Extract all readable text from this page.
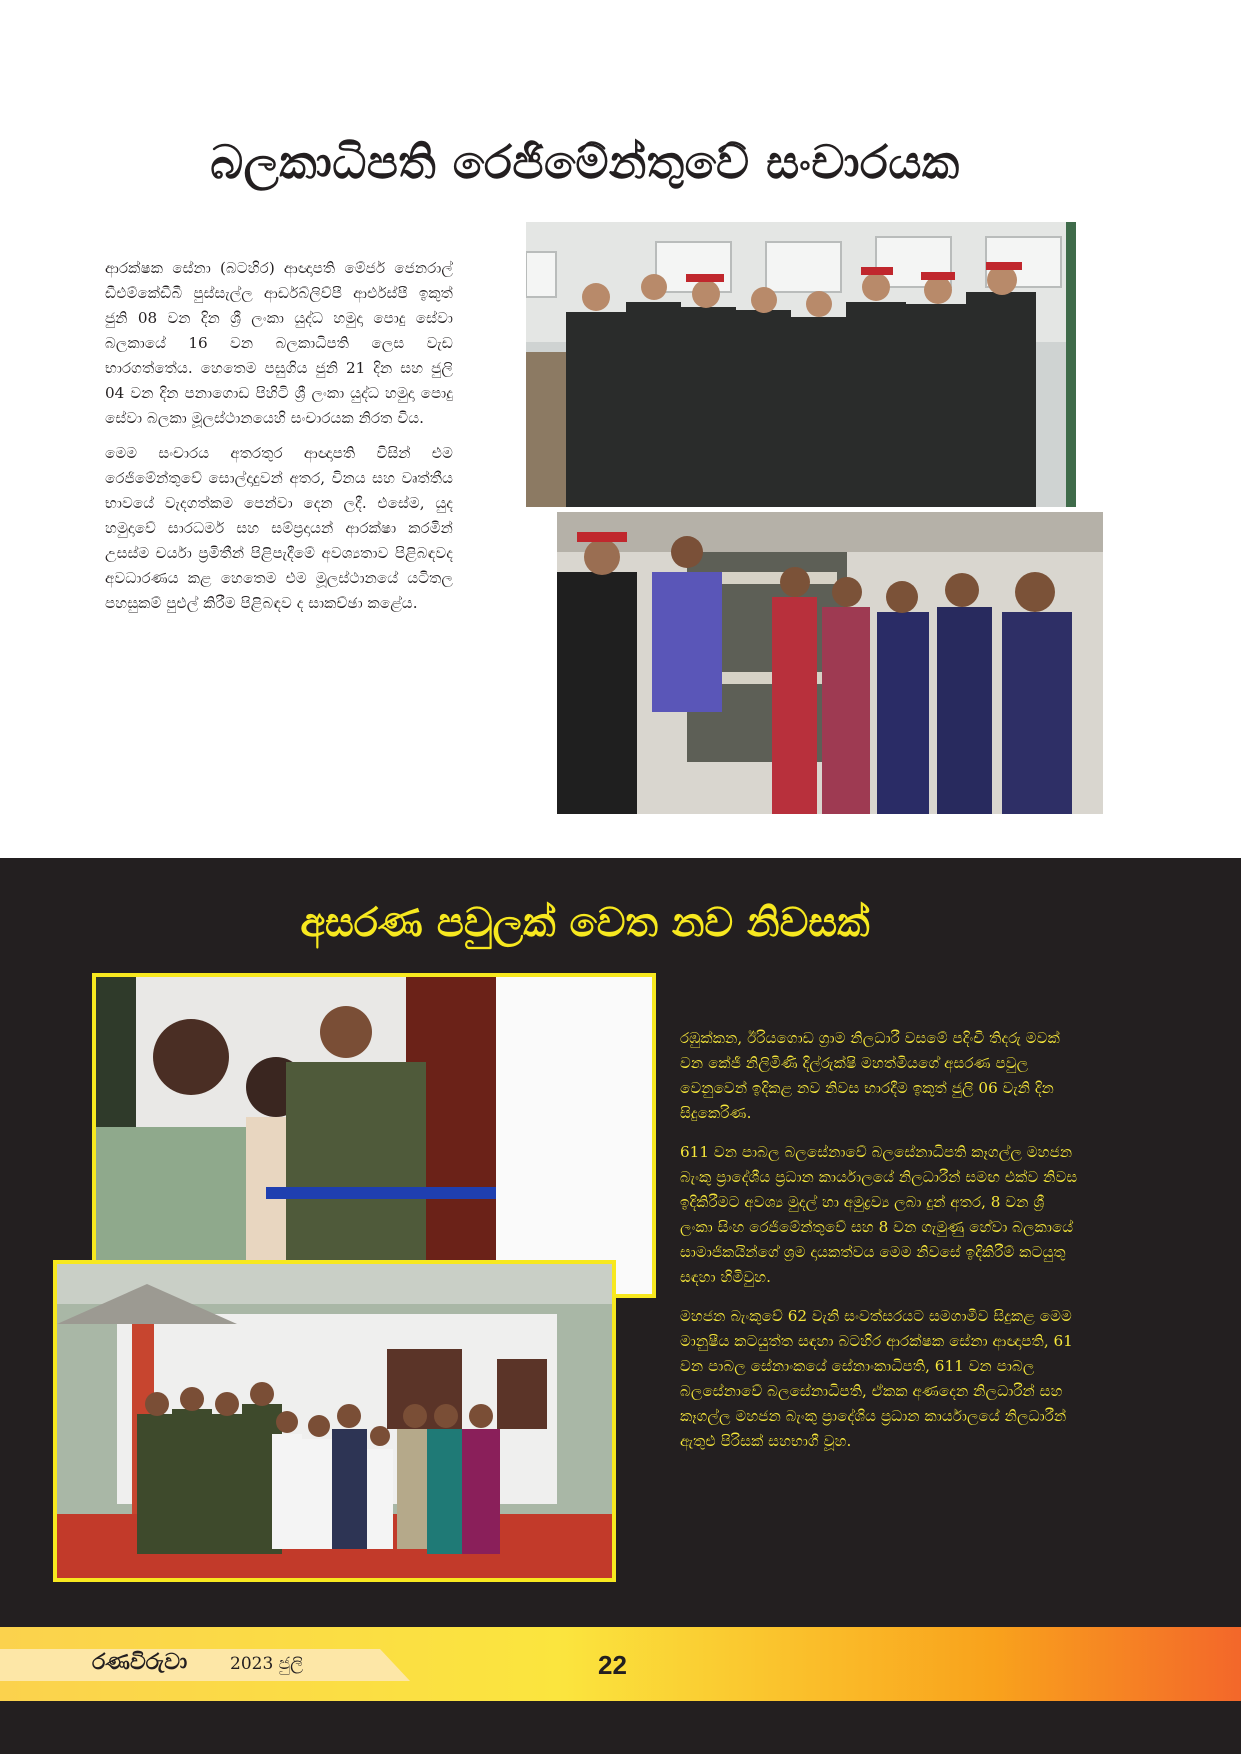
බලකාධිපති රෙජිමේන්තුවේ සංචාරයක

ආරක්ෂක සේනා (බටහිර) ආඥාපති මේජර් ජෙනරාල් ඩීඑම්කේඩීබී පුස්සැල්ල ආර්ඩබ්ලිව්පී ආර්එස්පී ඉකුත් ජුනි 08 වන දින ශ්‍රී ලංකා යුද්ධ හමුදා පොදු සේවා බලකායේ 16 වන බලකාධිපති ලෙස වැඩ භාරගත්තේය. හෙතෙම පසුගිය ජුනි 21 දින සහ ජුලි 04 වන දින පනාගොඩ පිහිටි ශ්‍රී ලංකා යුද්ධ හමුදා පොදු සේවා බලකා මූලස්ථානයෙහි සංචාරයක නිරත විය.

මෙම සංචාරය අතරතුර ආඥාපති විසින් එම රෙජිමේන්තුවේ සොල්දාදුවන් අතර, විනය සහ වෘත්තීය භාවයේ වැදගත්කම පෙන්වා දෙන ලදී. එසේම, යුද හමුදාවේ සාරධර්ම සහ සම්ප්‍රදායන් ආරක්ෂා කරමින් උසස්ම චර්යා ප්‍රමිතීන් පිළිපැදීමේ අවශ්‍යතාව පිළිබඳවද අවධාරණය කළ හෙතෙම එම මූලස්ථානයේ යටිතල පහසුකම් පුළුල් කිරීම පිළිබඳව ද සාකච්ඡා කළේය.

අසරණ පවුලක් වෙත නව නිවසක්

රඹුක්කන, ඊරියගොඩ ග්‍රාම නිලධාරී වසමේ පදිංචි තිදරු මවක් වන කේජී නිලිමිණි දිල්රුක්ෂි මහත්මියගේ අසරණ පවුල වෙනුවෙන් ඉදිකළ නව නිවස භාරදීම ඉකුත් ජුලි 06 වැනි දින සිදුකෙරිණ.

611 වන පාබල බලසේනාවේ බලසේනාධිපති කෑගල්ල මහජන බැංකු ප්‍රාදේශීය ප්‍රධාන කාර්යාලයේ නිලධාරීන් සමඟ එක්ව නිවස ඉදිකිරීමට අවශ්‍ය මුදල් හා අමුද්‍රව්‍ය ලබා දුන් අතර, 8 වන ශ්‍රී ලංකා සිංහ රෙජිමේන්තුවේ සහ 8 වන ගැමුණු හේවා බලකායේ සාමාජිකයින්ගේ ශ්‍රම දායකත්වය මෙම නිවසේ ඉදිකිරීම් කටයුතු සඳහා හිමිවුහ.

මහජන බැංකුවේ 62 වැනි සංවත්සරයට සමගාමීව සිදුකළ මෙම මානුෂීය කටයුත්ත සඳහා බටහිර ආරක්ෂක සේනා ආඥාපති, 61 වන පාබල සේනාංකයේ සේනාංකාධිපති, 611 වන පාබල බලසේනාවේ බලසේනාධිපති, ඒකක අණදෙන නිලධාරීන් සහ කෑගල්ල මහජන බැංකු ප්‍රාදේශිය ප්‍රධාන කාර්යාලයේ නිලධාරීන් ඇතුළු පිරිසක් සහභාගී වූහ.

රණවිරුවා	2023 ජුලි	22
